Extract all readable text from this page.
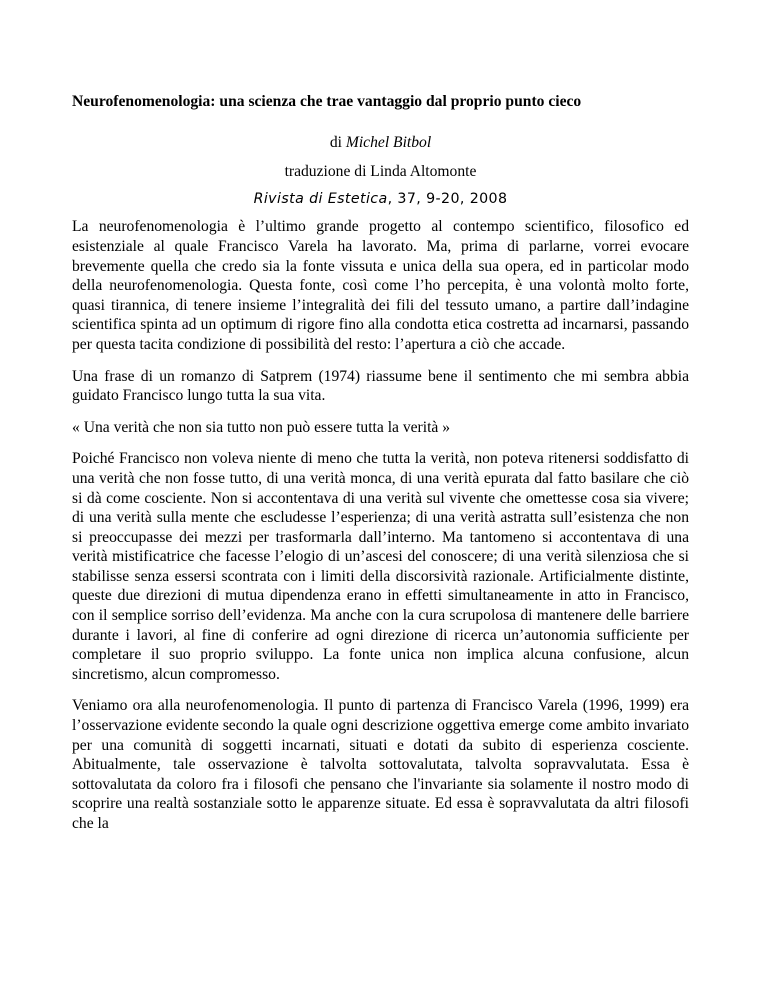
Neurofenomenologia: una scienza che trae vantaggio dal proprio punto cieco

di Michel Bitbol

traduzione di Linda Altomonte

Rivista di Estetica, 37, 9-20, 2008

La neurofenomenologia è l’ultimo grande progetto al contempo scientifico, filosofico ed esistenziale al quale Francisco Varela ha lavorato. Ma, prima di parlarne, vorrei evocare brevemente quella che credo sia la fonte vissuta e unica della sua opera, ed in particolar modo della neurofenomenologia. Questa fonte, così come l’ho percepita, è una volontà molto forte, quasi tirannica, di tenere insieme l’integralità dei fili del tessuto umano, a partire dall’indagine scientifica spinta ad un optimum di rigore fino alla condotta etica costretta ad incarnarsi, passando per questa tacita condizione di possibilità del resto: l’apertura a ciò che accade.

Una frase di un romanzo di Satprem (1974) riassume bene il sentimento che mi sembra abbia guidato Francisco lungo tutta la sua vita.

« Una verità che non sia tutto non può essere tutta la verità »

Poiché Francisco non voleva niente di meno che tutta la verità, non poteva ritenersi soddisfatto di una verità che non fosse tutto, di una verità monca, di una verità epurata dal fatto basilare che ciò si dà come cosciente. Non si accontentava di una verità sul vivente che omettesse cosa sia vivere; di una verità sulla mente che escludesse l’esperienza; di una verità astratta sull’esistenza che non si preoccupasse dei mezzi per trasformarla dall’interno. Ma tantomeno si accontentava di una verità mistificatrice che facesse l’elogio di un’ascesi del conoscere; di una verità silenziosa che si stabilisse senza essersi scontrata con i limiti della discorsività razionale. Artificialmente distinte, queste due direzioni di mutua dipendenza erano in effetti simultaneamente in atto in Francisco, con il semplice sorriso dell’evidenza. Ma anche con la cura scrupolosa di mantenere delle barriere durante i lavori, al fine di conferire ad ogni direzione di ricerca un’autonomia sufficiente per completare il suo proprio sviluppo. La fonte unica non implica alcuna confusione, alcun sincretismo, alcun compromesso.

Veniamo ora alla neurofenomenologia. Il punto di partenza di Francisco Varela (1996, 1999) era l’osservazione evidente secondo la quale ogni descrizione oggettiva emerge come ambito invariato per una comunità di soggetti incarnati, situati e dotati da subito di esperienza cosciente. Abitualmente, tale osservazione è talvolta sottovalutata, talvolta sopravvalutata. Essa è sottovalutata da coloro fra i filosofi che pensano che l'invariante sia solamente il nostro modo di scoprire una realtà sostanziale sotto le apparenze situate. Ed essa è sopravvalutata da altri filosofi che la
